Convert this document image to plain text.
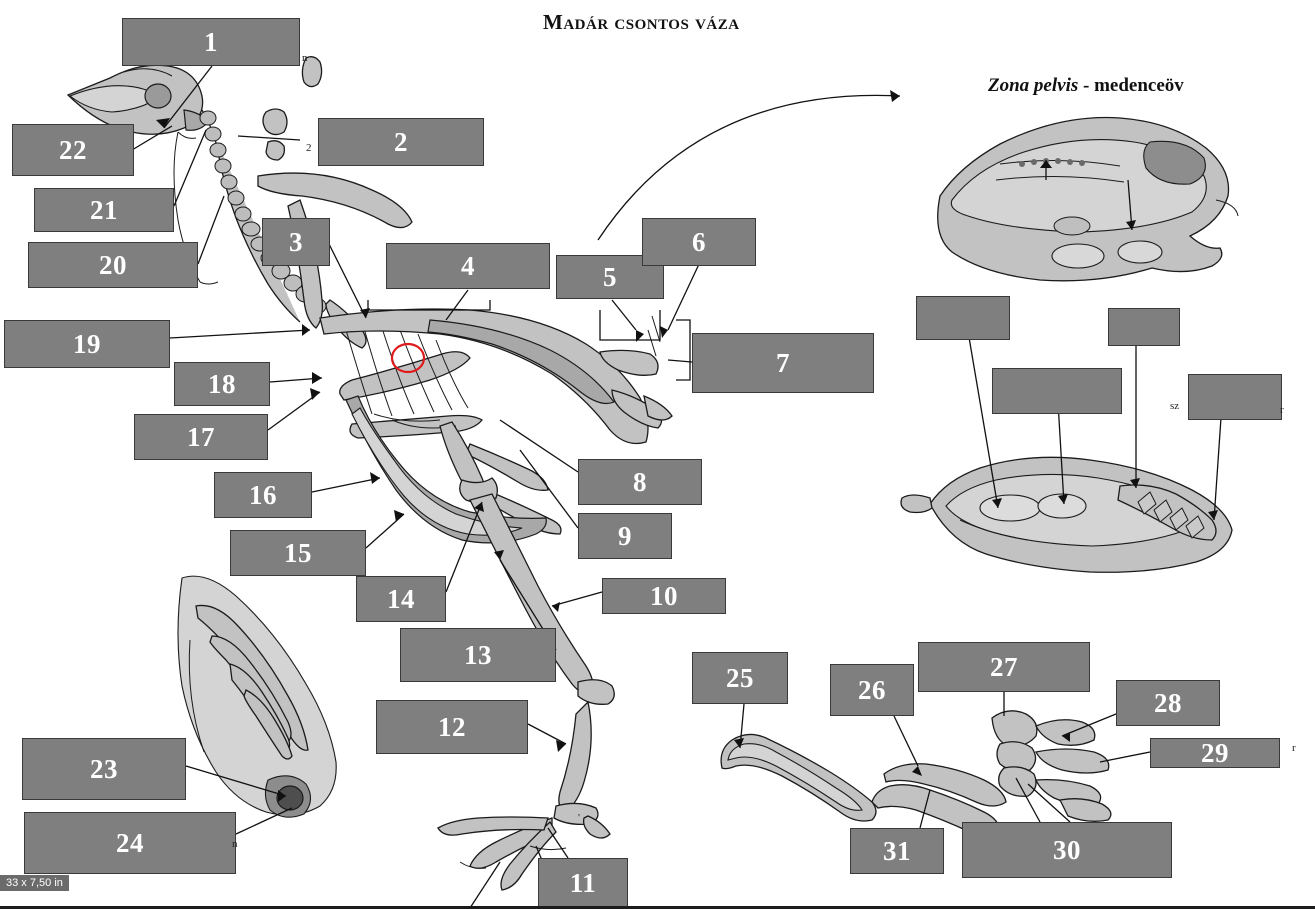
Madár csontos váza
Zona pelvis - medenceöv
1
2
3
4	5
6
7
8
9
10
11
12
13
14
15
16
17
18
19
20
21
22
23
24
25	26
27
28
29
30
31
n
2
sz	r
n
'
r
33 x 7,50 in
